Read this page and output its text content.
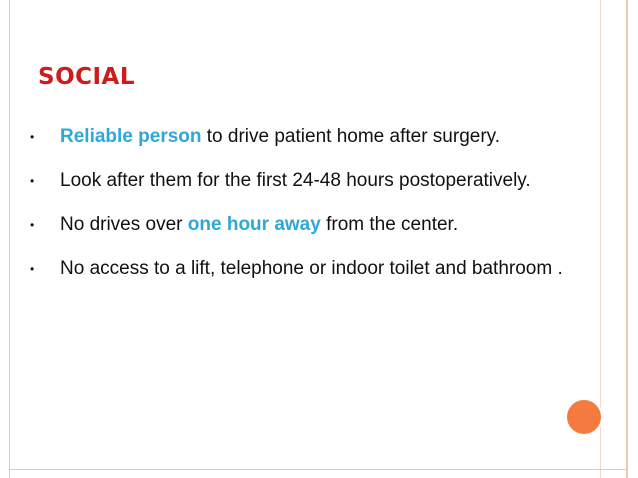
SOCIAL
• Reliable person to drive patient home after surgery.
• Look after them for the first 24-48 hours postoperatively.
• No drives over one hour away from the center.
• No access to a lift, telephone or indoor toilet and bathroom .
